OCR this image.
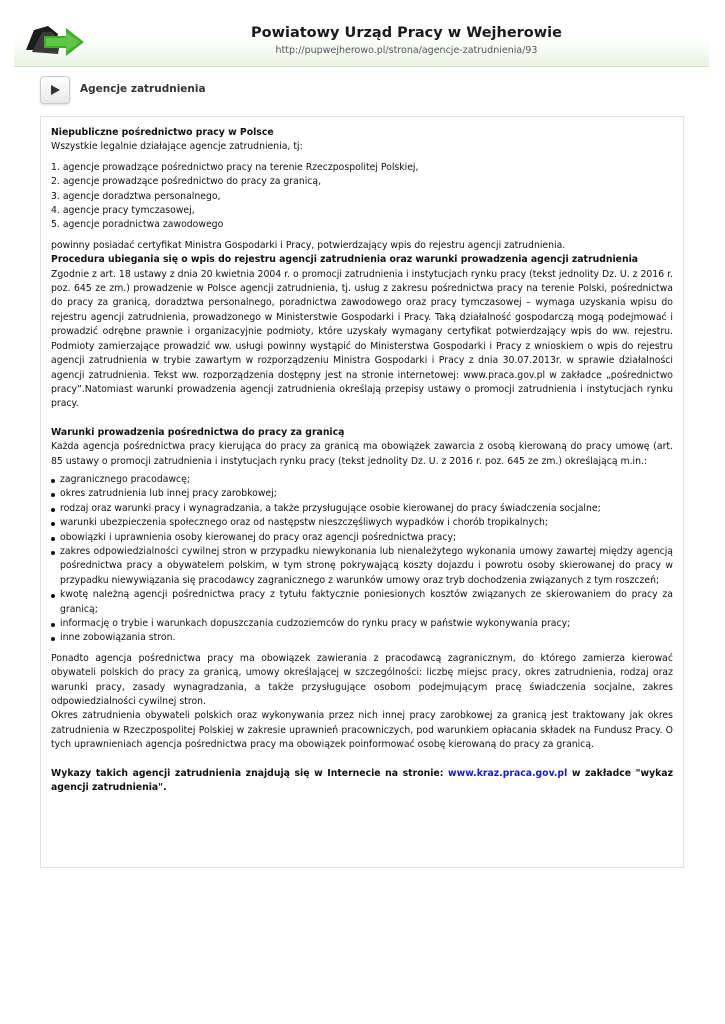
Powiatowy Urząd Pracy w Wejherowie
http://pupwejherowo.pl/strona/agencje-zatrudnienia/93
Agencje zatrudnienia

Niepubliczne pośrednictwo pracy w Polsce

Wszystkie legalnie działające agencje zatrudnienia, tj:

1. agencje prowadzące pośrednictwo pracy na terenie Rzeczpospolitej Polskiej,
2. agencje prowadzące pośrednictwo do pracy za granicą,
3. agencje doradztwa personalnego,
4. agencje pracy tymczasowej,
5. agencje poradnictwa zawodowego

powinny posiadać certyfikat Ministra Gospodarki i Pracy, potwierdzający wpis do rejestru agencji zatrudnienia.

Procedura ubiegania się o wpis do rejestru agencji zatrudnienia oraz warunki prowadzenia agencji zatrudnienia

Zgodnie z art. 18 ustawy z dnia 20 kwietnia 2004 r. o promocji zatrudnienia i instytucjach rynku pracy (tekst jednolity Dz. U. z 2016 r. poz. 645 ze zm.) prowadzenie w Polsce agencji zatrudnienia, tj. usług z zakresu pośrednictwa pracy na terenie Polski, pośrednictwa do pracy za granicą, doradztwa personalnego, poradnictwa zawodowego oraz pracy tymczasowej – wymaga uzyskania wpisu do rejestru agencji zatrudnienia, prowadzonego w Ministerstwie Gospodarki i Pracy. Taką działalność gospodarczą mogą podejmować i prowadzić odrębne prawnie i organizacyjnie podmioty, które uzyskały wymagany certyfikat potwierdzający wpis do ww. rejestru. Podmioty zamierzające prowadzić ww. usługi powinny wystąpić do Ministerstwa Gospodarki i Pracy z wnioskiem o wpis do rejestru agencji zatrudnienia w trybie zawartym w rozporządzeniu Ministra Gospodarki i Pracy z dnia 30.07.2013r. w sprawie działalności agencji zatrudnienia. Tekst ww. rozporządzenia dostępny jest na stronie internetowej: www.praca.gov.pl w zakładce „pośrednictwo pracy”.Natomiast warunki prowadzenia agencji zatrudnienia określają przepisy ustawy o promocji zatrudnienia i instytucjach rynku pracy.

Warunki prowadzenia pośrednictwa do pracy za granicą

Każda agencja pośrednictwa pracy kierująca do pracy za granicą ma obowiązek zawarcia z osobą kierowaną do pracy umowę (art. 85 ustawy o promocji zatrudnienia i instytucjach rynku pracy (tekst jednolity Dz. U. z 2016 r. poz. 645 ze zm.) określającą m.in.:

zagranicznego pracodawcę;
okres zatrudnienia lub innej pracy zarobkowej;
rodzaj oraz warunki pracy i wynagradzania, a także przysługujące osobie kierowanej do pracy świadczenia socjalne;
warunki ubezpieczenia społecznego oraz od następstw nieszczęśliwych wypadków i chorób tropikalnych;
obowiązki i uprawnienia osoby kierowanej do pracy oraz agencji pośrednictwa pracy;
zakres odpowiedzialności cywilnej stron w przypadku niewykonania lub nienależytego wykonania umowy zawartej między agencją pośrednictwa pracy a obywatelem polskim, w tym stronę pokrywającą koszty dojazdu i powrotu osoby skierowanej do pracy w przypadku niewywiązania się pracodawcy zagranicznego z warunków umowy oraz tryb dochodzenia związanych z tym roszczeń;
kwotę należną agencji pośrednictwa pracy z tytułu faktycznie poniesionych kosztów związanych ze skierowaniem do pracy za granicą;
informację o trybie i warunkach dopuszczania cudzoziemców do rynku pracy w państwie wykonywania pracy;
inne zobowiązania stron.

Ponadto agencja pośrednictwa pracy ma obowiązek zawierania z pracodawcą zagranicznym, do którego zamierza kierować obywateli polskich do pracy za granicą, umowy określającej w szczególności: liczbę miejsc pracy, okres zatrudnienia, rodzaj oraz warunki pracy, zasady wynagradzania, a także przysługujące osobom podejmującym pracę świadczenia socjalne, zakres odpowiedzialności cywilnej stron.

Okres zatrudnienia obywateli polskich oraz wykonywania przez nich innej pracy zarobkowej za granicą jest traktowany jak okres zatrudnienia w Rzeczpospolitej Polskiej w zakresie uprawnień pracowniczych, pod warunkiem opłacania składek na Fundusz Pracy. O tych uprawnieniach agencja pośrednictwa pracy ma obowiązek poinformować osobę kierowaną do pracy za granicą.

Wykazy takich agencji zatrudnienia znajdują się w Internecie na stronie: www.kraz.praca.gov.pl w zakładce "wykaz agencji zatrudnienia".
